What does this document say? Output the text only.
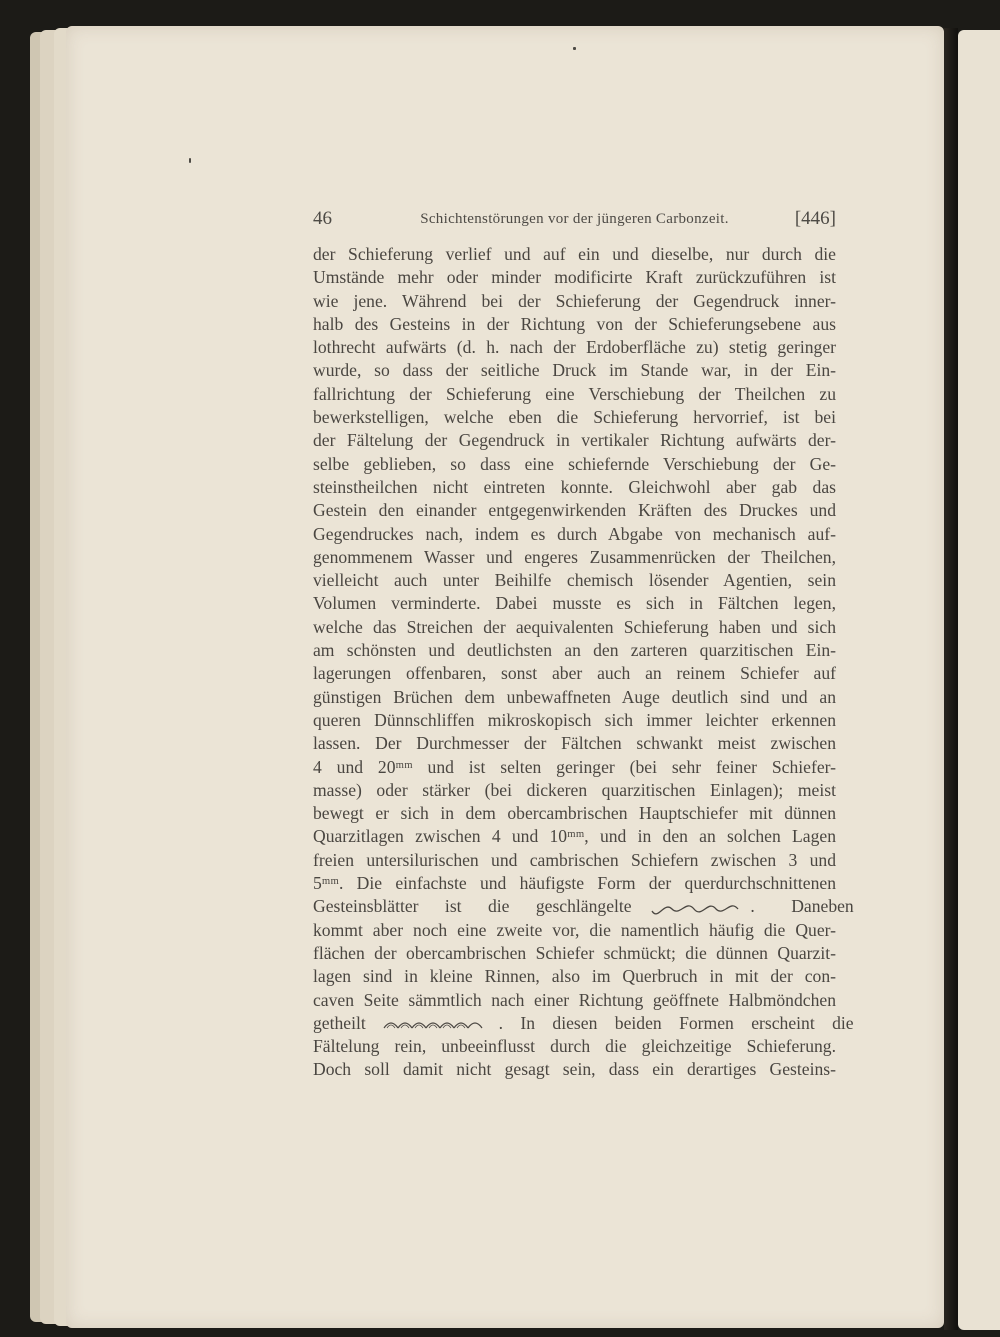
46	Schichtenstörungen vor der jüngeren Carbonzeit.	[446]
der Schieferung verlief und auf ein und dieselbe, nur durch die
Umstände mehr oder minder modificirte Kraft zurückzuführen ist
wie jene. Während bei der Schieferung der Gegendruck inner-
halb des Gesteins in der Richtung von der Schieferungsebene aus
lothrecht aufwärts (d. h. nach der Erdoberfläche zu) stetig geringer
wurde, so dass der seitliche Druck im Stande war, in der Ein-
fallrichtung der Schieferung eine Verschiebung der Theilchen zu
bewerkstelligen, welche eben die Schieferung hervorrief, ist bei
der Fältelung der Gegendruck in vertikaler Richtung aufwärts der-
selbe geblieben, so dass eine schiefernde Verschiebung der Ge-
steinstheilchen nicht eintreten konnte. Gleichwohl aber gab das
Gestein den einander entgegenwirkenden Kräften des Druckes und
Gegendruckes nach, indem es durch Abgabe von mechanisch auf-
genommenem Wasser und engeres Zusammenrücken der Theilchen,
vielleicht auch unter Beihilfe chemisch lösender Agentien, sein
Volumen verminderte. Dabei musste es sich in Fältchen legen,
welche das Streichen der aequivalenten Schieferung haben und sich
am schönsten und deutlichsten an den zarteren quarzitischen Ein-
lagerungen offenbaren, sonst aber auch an reinem Schiefer auf
günstigen Brüchen dem unbewaffneten Auge deutlich sind und an
queren Dünnschliffen mikroskopisch sich immer leichter erkennen
lassen. Der Durchmesser der Fältchen schwankt meist zwischen
4 und 20ᵐᵐ und ist selten geringer (bei sehr feiner Schiefer-
masse) oder stärker (bei dickeren quarzitischen Einlagen); meist
bewegt er sich in dem obercambrischen Hauptschiefer mit dünnen
Quarzitlagen zwischen 4 und 10ᵐᵐ, und in den an solchen Lagen
freien untersilurischen und cambrischen Schiefern zwischen 3 und
5ᵐᵐ. Die einfachste und häufigste Form der querdurchschnittenen
Gesteinsblätter ist die geschlängelte	. Daneben
kommt aber noch eine zweite vor, die namentlich häufig die Quer-
flächen der obercambrischen Schiefer schmückt; die dünnen Quarzit-
lagen sind in kleine Rinnen, also im Querbruch in mit der con-
caven Seite sämmtlich nach einer Richtung geöffnete Halbmöndchen
getheilt	. In diesen beiden Formen erscheint die
Fältelung rein, unbeeinflusst durch die gleichzeitige Schieferung.
Doch soll damit nicht gesagt sein, dass ein derartiges Gesteins-
